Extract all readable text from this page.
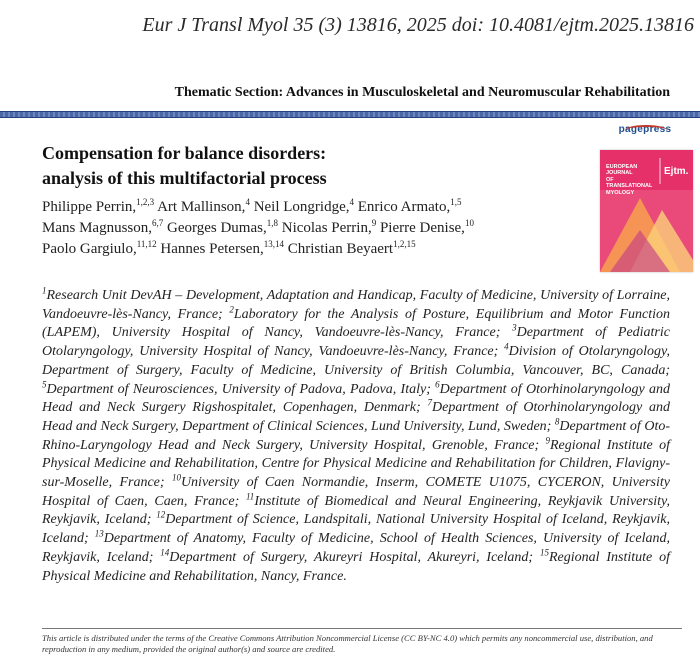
Eur J Transl Myol 35 (3) 13816, 2025 doi: 10.4081/ejtm.2025.13816
Thematic Section: Advances in Musculoskeletal and Neuromuscular Rehabilitation
Compensation for balance disorders:
analysis of this multifactorial process
Philippe Perrin,$^{1,2,3}$ Art Mallinson,$^4$ Neil Longridge,$^4$ Enrico Armato,$^{1,5}$
Mans Magnusson,$^{6,7}$ Georges Dumas,$^{1,8}$ Nicolas Perrin,$^9$ Pierre Denise,$^{10}$
Paolo Gargiulo,$^{11,12}$ Hannes Petersen,$^{13,14}$ Christian Beyaert$^{1,2,15}$

$^1$Research Unit DevAH – Development, Adaptation and Handicap, Faculty of Medicine, University of Lorraine, Vandoeuvre-lès-Nancy, France; $^2$Laboratory for the Analysis of Posture, Equilibrium and Motor Function (LAPEM), University Hospital of Nancy, Vandoeuvre-lès-Nancy, France; $^3$Department of Pediatric Otolaryngology, University Hospital of Nancy, Vandoeuvre-lès-Nancy, France; $^4$Division of Otolaryngology, Department of Surgery, Faculty of Medicine, University of British Columbia, Vancouver, BC, Canada; $^5$Department of Neurosciences, University of Padova, Padova, Italy; $^6$Department of Otorhinolaryngology and Head and Neck Surgery Rigshospitalet, Copenhagen, Denmark; $^7$Department of Otorhinolaryngology and Head and Neck Surgery, Department of Clinical Sciences, Lund University, Lund, Sweden; $^8$Department of Oto-Rhino-Laryngology Head and Neck Surgery, University Hospital, Grenoble, France; $^9$Regional Institute of Physical Medicine and Rehabilitation, Centre for Physical Medicine and Rehabilitation for Children, Flavigny-sur-Moselle, France; $^{10}$University of Caen Normandie, Inserm, COMETE U1075, CYCERON, University Hospital of Caen, Caen, France; $^{11}$Institute of Biomedical and Neural Engineering, Reykjavik University, Reykjavik, Iceland; $^{12}$Department of Science, Landspitali, National University Hospital of Iceland, Reykjavik, Iceland; $^{13}$Department of Anatomy, Faculty of Medicine, School of Health Sciences, University of Iceland, Reykjavik, Iceland; $^{14}$Department of Surgery, Akureyri Hospital, Akureyri, Iceland; $^{15}$Regional Institute of Physical Medicine and Rehabilitation, Nancy, France.

This article is distributed under the terms of the Creative Commons Attribution Noncommercial License (CC BY-NC 4.0) which permits any noncommercial use, distribution, and reproduction in any medium, provided the original author(s) and source are credited.

pagepress
EUROPEAN
JOURNAL
OF TRANSLATIONAL
MYOLOGY
Ejtm.
